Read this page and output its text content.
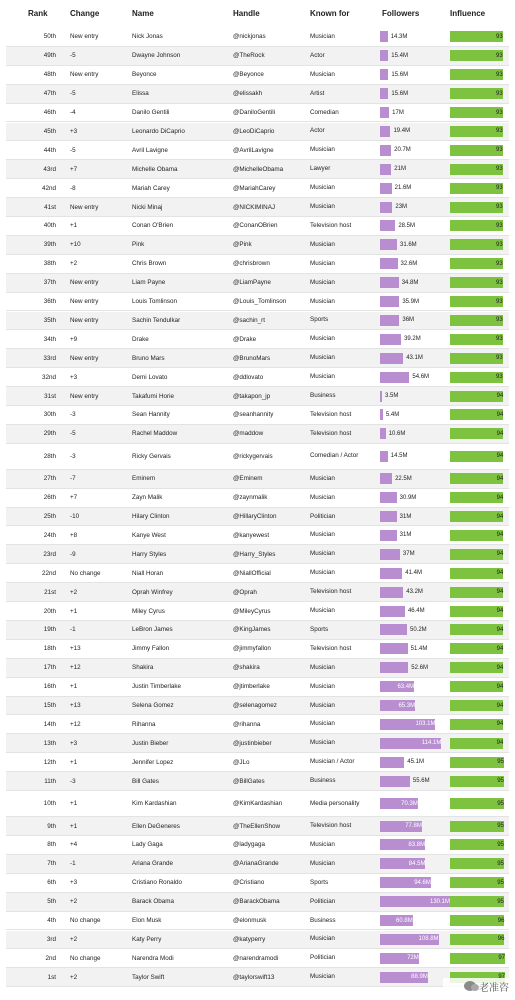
Rank	Change	Name	Handle	Known for	Followers	Influence
50th New entry	Nick Jonas	@nickjonas	Musician	14.3M	93
49th -5	Dwayne Johnson	@TheRock	Actor	15.4M	93
48th New entry	Beyonce	@Beyonce	Musician	15.6M	93
47th -5	Elissa	@elissakh	Artist	15.6M	93
46th -4	Danilo Gentili	@DaniloGentili	Comedian	17M	93
45th +3	Leonardo DiCaprio	@LeoDiCaprio	Actor	19.4M	93
44th -5	Avril Lavigne	@AvrilLavigne	Musician	20.7M	93
43rd +7	Michelle Obama	@MichelleObama	Lawyer	21M	93
42nd -8	Mariah Carey	@MariahCarey	Musician	21.6M	93
41st New entry	Nicki Minaj	@NICKIMINAJ	Musician	23M	93
40th +1	Conan O'Brien	@ConanOBrien	Television host	28.5M	93
39th +10	Pink	@Pink	Musician	31.6M	93
38th +2	Chris Brown	@chrisbrown	Musician	32.6M	93
37th New entry	Liam Payne	@LiamPayne	Musician	34.8M	93
36th New entry	Louis Tomlinson	@Louis_Tomlinson	Musician	35.9M	93
35th New entry	Sachin Tendulkar	@sachin_rt	Sports	36M	93
34th +9	Drake	@Drake	Musician	39.2M	93
33rd New entry	Bruno Mars	@BrunoMars	Musician	43.1M	93
32nd +3	Demi Lovato	@ddlovato	Musician	54.6M	93
31st New entry	Takafumi Horie	@takapon_jp	Business	3.5M	94
30th -3	Sean Hannity	@seanhannity	Television host	5.4M	94
29th -5	Rachel Maddow	@maddow	Television host	10.6M	94
28th -3	Ricky Gervais	@rickygervais	Comedian / Actor	14.5M	94
27th -7	Eminem	@Eminem	Musician	22.5M	94
26th +7	Zayn Malik	@zaynmalik	Musician	30.9M	94
25th -10	Hilary Clinton	@HillaryClinton	Politician	31M	94
24th +8	Kanye West	@kanyewest	Musician	31M	94
23rd -9	Harry Styles	@Harry_Styles	Musician	37M	94
22nd No change	Niall Horan	@NiallOfficial	Musician	41.4M	94
21st +2	Oprah Winfrey	@Oprah	Television host	43.2M	94
20th +1	Miley Cyrus	@MileyCyrus	Musician	46.4M	94
19th -1	LeBron James	@KingJames	Sports	50.2M	94
18th +13	Jimmy Fallon	@jimmyfallon	Television host	51.4M	94
17th +12	Shakira	@shakira	Musician	52.6M	94
16th +1	Justin Timberlake	@jtimberlake	Musician	63.4M	94
15th +13	Selena Gomez	@selenagomez	Musician	65.3M	94
14th +12	Rihanna	@rihanna	Musician	103.1M	94
13th +3	Justin Bieber	@justinbieber	Musician	114.1M	94
12th +1	Jennifer Lopez	@JLo	Musician / Actor	45.1M	95
11th -3	Bill Gates	@BillGates	Business	55.6M	95
10th +1	Kim Kardashian	@KimKardashian	Media personality	70.3M	95
9th +1	Ellen DeGeneres	@TheEllenShow	Television host	77.8M	95
8th +4	Lady Gaga	@ladygaga	Musician	83.8M	95
7th -1	Ariana Grande	@ArianaGrande	Musician	84.5M	95
6th +3	Cristiano Ronaldo	@Cristiano	Sports	94.6M	95
5th +2	Barack Obama	@BarackObama	Politician	130.1M	95
4th No change	Elon Musk	@elonmusk	Business	60.8M	96
3rd +2	Katy Perry	@katyperry	Musician	108.8M	96
2nd No change	Narendra Modi	@narendramodi	Politician	72M	97
1st +2	Taylor Swift	@taylorswift13	Musician	88.9M
老准咨
